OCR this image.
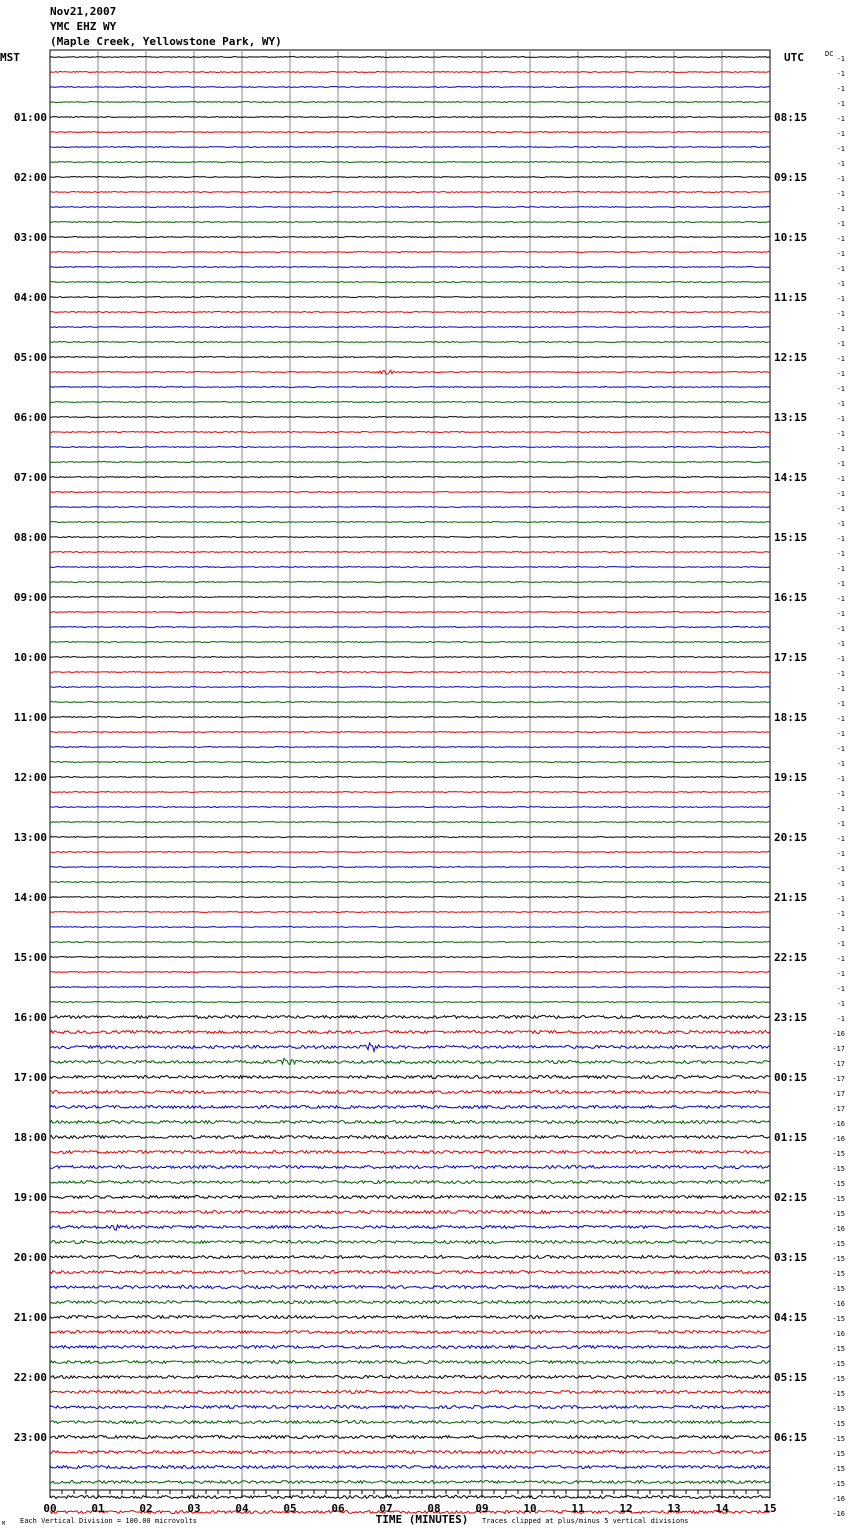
Nov21,2007
YMC EHZ WY
(Maple Creek, Yellowstone Park, WY)
-1
-1
-1
-1
-1
-1
-1
-1
-1
-1
-1
-1
-1
-1
-1
-1
-1
-1
-1
-1
-1
-1
-1
-1
-1
-1
-1
-1
-1
-1
-1
-1
-1
-1
-1
-1
-1
-1
-1
-1
-1
-1
-1
-1
-1
-1
-1
-1
-1
-1
-1
-1
-1
-1
-1
-1
-1
-1
-1
-1
-1
-1
-1
-1
-1
-16
-17
-17
-17
-17
-17
-16
-16
-15
-15
-15
-15
-15
-16
-15
-15
-15
-15
-16
-15
-16
-15
-15
-15
-15
-15
-15
-15
-15
-15
-15
-16
-16
01:00
02:00
03:00
04:00
05:00
06:00
07:00
08:00
09:00
10:00
11:00
12:00
13:00
14:00
15:00
16:00
17:00
18:00
19:00
20:00
21:00
22:00
23:00
08:15
09:15
10:15
11:15
12:15
13:15
14:15
15:15
16:15
17:15
18:15
19:15
20:15
21:15
22:15
23:15
00:15
01:15
02:15
03:15
04:15
05:15
06:15
MST	UTC	DC
00	01	02	03	04	05	06	07	08	09	10	11	12	13	14	15
TIME (MINUTES)
Each Vertical Division = 100.00 microvolts	Traces clipped at plus/minus 5 vertical divisions
M
